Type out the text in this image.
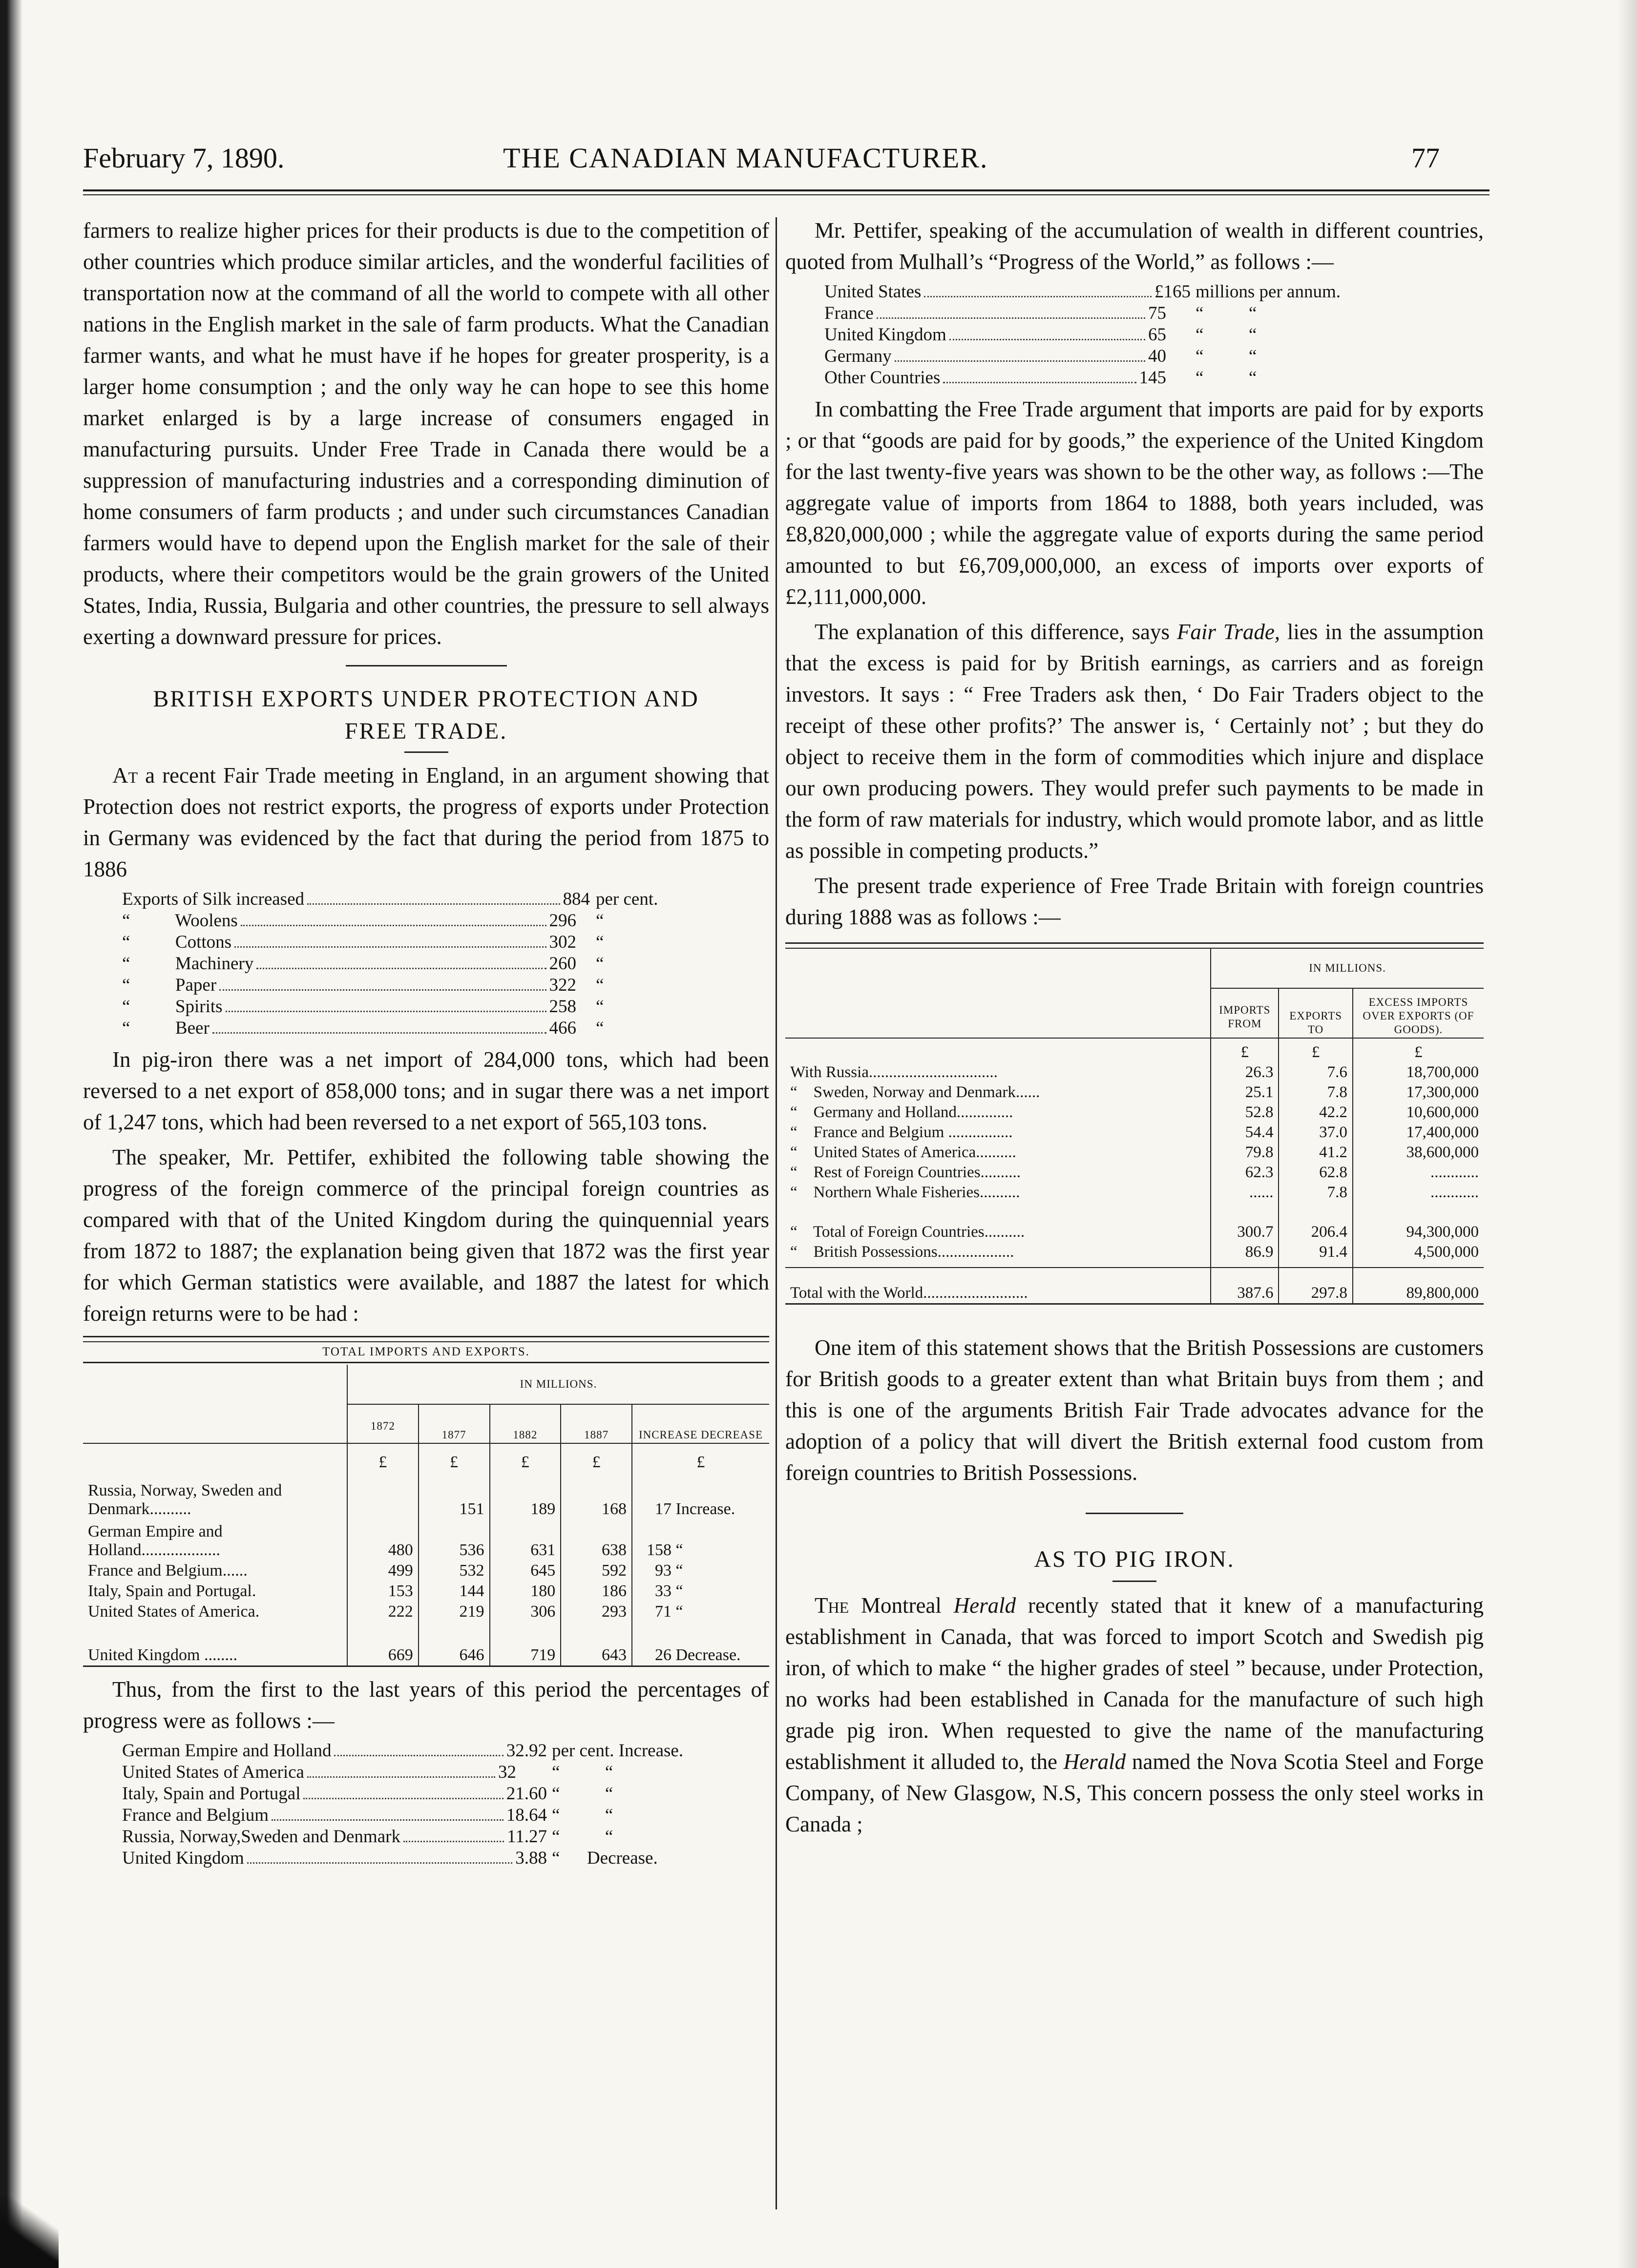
February 7, 1890.	THE CANADIAN MANUFACTURER.	77

farmers to realize higher prices for their products is due to the competition of other countries which produce similar articles, and the wonderful facilities of transportation now at the command of all the world to compete with all other nations in the English market in the sale of farm products. What the Canadian farmer wants, and what he must have if he hopes for greater prosperity, is a larger home consumption ; and the only way he can hope to see this home market enlarged is by a large increase of consumers engaged in manufacturing pursuits. Under Free Trade in Canada there would be a suppression of manufacturing industries and a corresponding diminution of home consumers of farm products ; and under such circumstances Canadian farmers would have to depend upon the English market for the sale of their products, where their competitors would be the grain growers of the United States, India, Russia, Bulgaria and other countries, the pressure to sell always exerting a downward pressure for prices.

BRITISH EXPORTS UNDER PROTECTION AND
FREE TRADE.

At a recent Fair Trade meeting in England, in an argument showing that Protection does not restrict exports, the progress of exports under Protection in Germany was evidenced by the fact that during the period from 1875 to 1886

Exports of Silk increased	884 per cent.
“          Woolens	296	“
“          Cottons	302	“
“          Machinery	260	“
“          Paper	322	“
“          Spirits	258	“
“          Beer	466	“

In pig-iron there was a net import of 284,000 tons, which had been reversed to a net export of 858,000 tons; and in sugar there was a net import of 1,247 tons, which had been reversed to a net export of 565,103 tons.

The speaker, Mr. Pettifer, exhibited the following table showing the progress of the foreign commerce of the principal foreign countries as compared with that of the United Kingdom during the quinquennial years from 1872 to 1887; the explanation being given that 1872 was the first year for which German statistics were available, and 1887 the latest for which foreign returns were to be had :

TOTAL IMPORTS AND EXPORTS.
	IN MILLIONS.				
	1872	1877	1882	1887	INCREASE DECREASE
	£	£	£	£	£
Russia, Norway, Sweden and Denmark..........		151	189	168	17 Increase.
German Empire and Holland...................	480	536	631	638	158 “
France and Belgium......	499	532	645	592	93 “
Italy, Spain and Portugal.	153	144	180	186	33 “
United States of America.	222	219	306	293	71 “
United Kingdom ........	669	646	719	643	26 Decrease.

Thus, from the first to the last years of this period the percentages of progress were as follows :—

German Empire and Holland	32.92 per cent. Increase.
United States of America	32	“          “
Italy, Spain and Portugal	21.60 “          “
France and Belgium	18.64 “          “
Russia, Norway,Sweden and Denmark	11.27 “          “
United Kingdom	3.88 “      Decrease.

Mr. Pettifer, speaking of the accumulation of wealth in different countries, quoted from Mulhall’s “Progress of the World,” as follows :—

United States	£165 millions per annum.
France	75	“          “
United Kingdom	65	“          “
Germany	40	“          “
Other Countries	145	“          “

In combatting the Free Trade argument that imports are paid for by exports ; or that “goods are paid for by goods,” the experience of the United Kingdom for the last twenty-five years was shown to be the other way, as follows :—The aggregate value of imports from 1864 to 1888, both years included, was £8,820,000,000 ; while the aggregate value of exports during the same period amounted to but £6,709,000,000, an excess of imports over exports of £2,111,000,000.

The explanation of this difference, says Fair Trade, lies in the assumption that the excess is paid for by British earnings, as carriers and as foreign investors. It says : “ Free Traders ask then, ‘ Do Fair Traders object to the receipt of these other profits?’ The answer is, ‘ Certainly not’ ; but they do object to receive them in the form of commodities which injure and displace our own producing powers. They would prefer such payments to be made in the form of raw materials for industry, which would promote labor, and as little as possible in competing products.”

The present trade experience of Free Trade Britain with foreign countries during 1888 was as follows :—

	IN MILLIONS.		
	IMPORTS FROM	EXPORTS TO	EXCESS IMPORTS OVER EXPORTS (OF GOODS).
	£	£	£
With Russia................................	26.3	7.6	18,700,000
“    Sweden, Norway and Denmark......	25.1	7.8	17,300,000
“    Germany and Holland..............	52.8	42.2	10,600,000
“    France and Belgium ................	54.4	37.0	17,400,000
“    United States of America..........	79.8	41.2	38,600,000
“    Rest of Foreign Countries..........	62.3	62.8	............
“    Northern Whale Fisheries..........	......	7.8	............

“    Total of Foreign Countries..........	300.7	206.4	94,300,000
“    British Possessions...................	86.9	91.4	4,500,000
Total with the World..........................	387.6	297.8	89,800,000

One item of this statement shows that the British Possessions are customers for British goods to a greater extent than what Britain buys from them ; and this is one of the arguments British Fair Trade advocates advance for the adoption of a policy that will divert the British external food custom from foreign countries to British Possessions.

AS TO PIG IRON.

The Montreal Herald recently stated that it knew of a manufacturing establishment in Canada, that was forced to import Scotch and Swedish pig iron, of which to make “ the higher grades of steel ” because, under Protection, no works had been established in Canada for the manufacture of such high grade pig iron. When requested to give the name of the manufacturing establishment it alluded to, the Herald named the Nova Scotia Steel and Forge Company, of New Glasgow, N.S, This concern possess the only steel works in Canada ;
